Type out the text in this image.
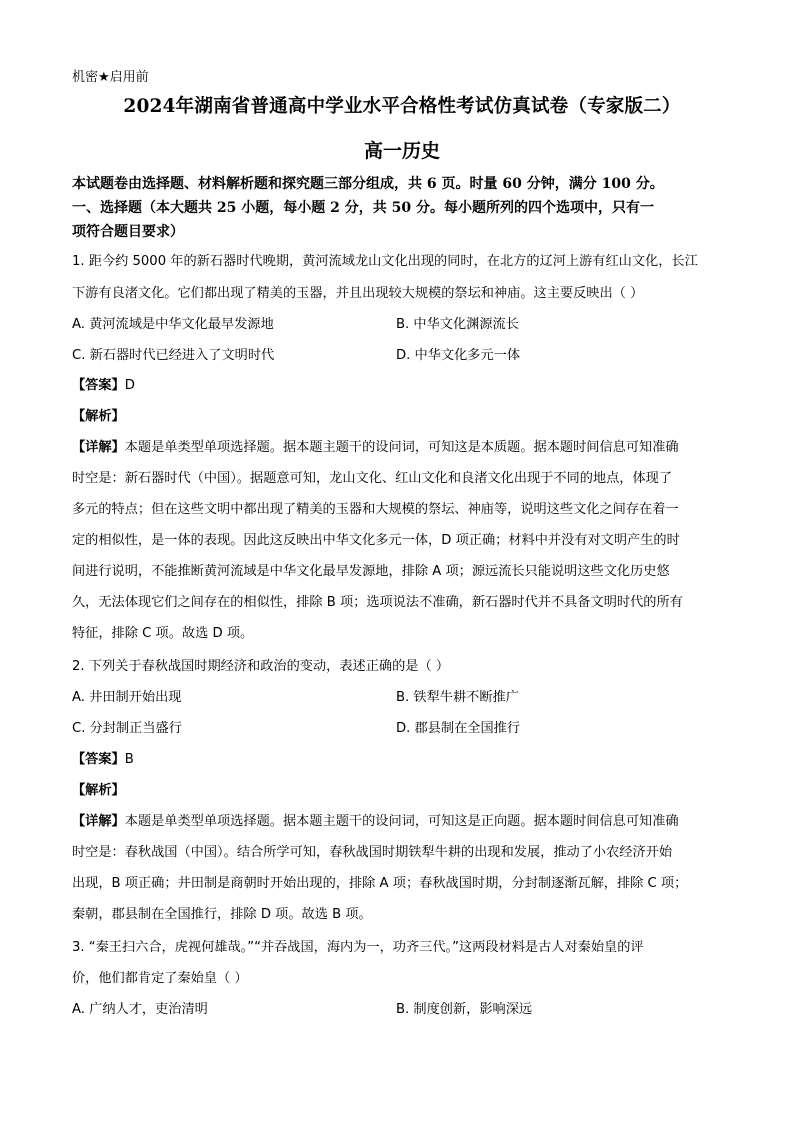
机密★启用前
2024年湖南省普通高中学业水平合格性考试仿真试卷（专家版二）
高一历史
本试题卷由选择题、材料解析题和探究题三部分组成，共 6 页。时量 60 分钟，满分 100 分。
一、选择题（本大题共 25 小题，每小题 2 分，共 50 分。每小题所列的四个选项中，只有一
项符合题目要求）
1. 距今约 5000 年的新石器时代晚期，黄河流域龙山文化出现的同时，在北方的辽河上游有红山文化，长江
下游有良渚文化。它们都出现了精美的玉器，并且出现较大规模的祭坛和神庙。这主要反映出（ ）
A. 黄河流域是中华文化最早发源地	B. 中华文化渊源流长
C. 新石器时代已经进入了文明时代	D. 中华文化多元一体
【答案】D
【解析】
【详解】本题是单类型单项选择题。据本题主题干的设问词，可知这是本质题。据本题时间信息可知准确
时空是：新石器时代（中国）。据题意可知，龙山文化、红山文化和良渚文化出现于不同的地点，体现了
多元的特点；但在这些文明中都出现了精美的玉器和大规模的祭坛、神庙等，说明这些文化之间存在着一
定的相似性，是一体的表现。因此这反映出中华文化多元一体，D 项正确；材料中并没有对文明产生的时
间进行说明，不能推断黄河流域是中华文化最早发源地，排除 A 项；源远流长只能说明这些文化历史悠
久，无法体现它们之间存在的相似性，排除 B 项；选项说法不准确，新石器时代并不具备文明时代的所有
特征，排除 C 项。故选 D 项。
2. 下列关于春秋战国时期经济和政治的变动，表述正确的是（ ）
A. 井田制开始出现	B. 铁犁牛耕不断推广
C. 分封制正当盛行	D. 郡县制在全国推行
【答案】B
【解析】
【详解】本题是单类型单项选择题。据本题主题干的设问词，可知这是正向题。据本题时间信息可知准确
时空是：春秋战国（中国）。结合所学可知，春秋战国时期铁犁牛耕的出现和发展，推动了小农经济开始
出现，B 项正确；井田制是商朝时开始出现的，排除 A 项；春秋战国时期，分封制逐渐瓦解，排除 C 项；
秦朝，郡县制在全国推行，排除 D 项。故选 B 项。
3. “秦王扫六合，虎视何雄哉。”“并吞战国，海内为一，功齐三代。”这两段材料是古人对秦始皇的评
价，他们都肯定了秦始皇（ ）
A. 广纳人才，吏治清明	B. 制度创新，影响深远
